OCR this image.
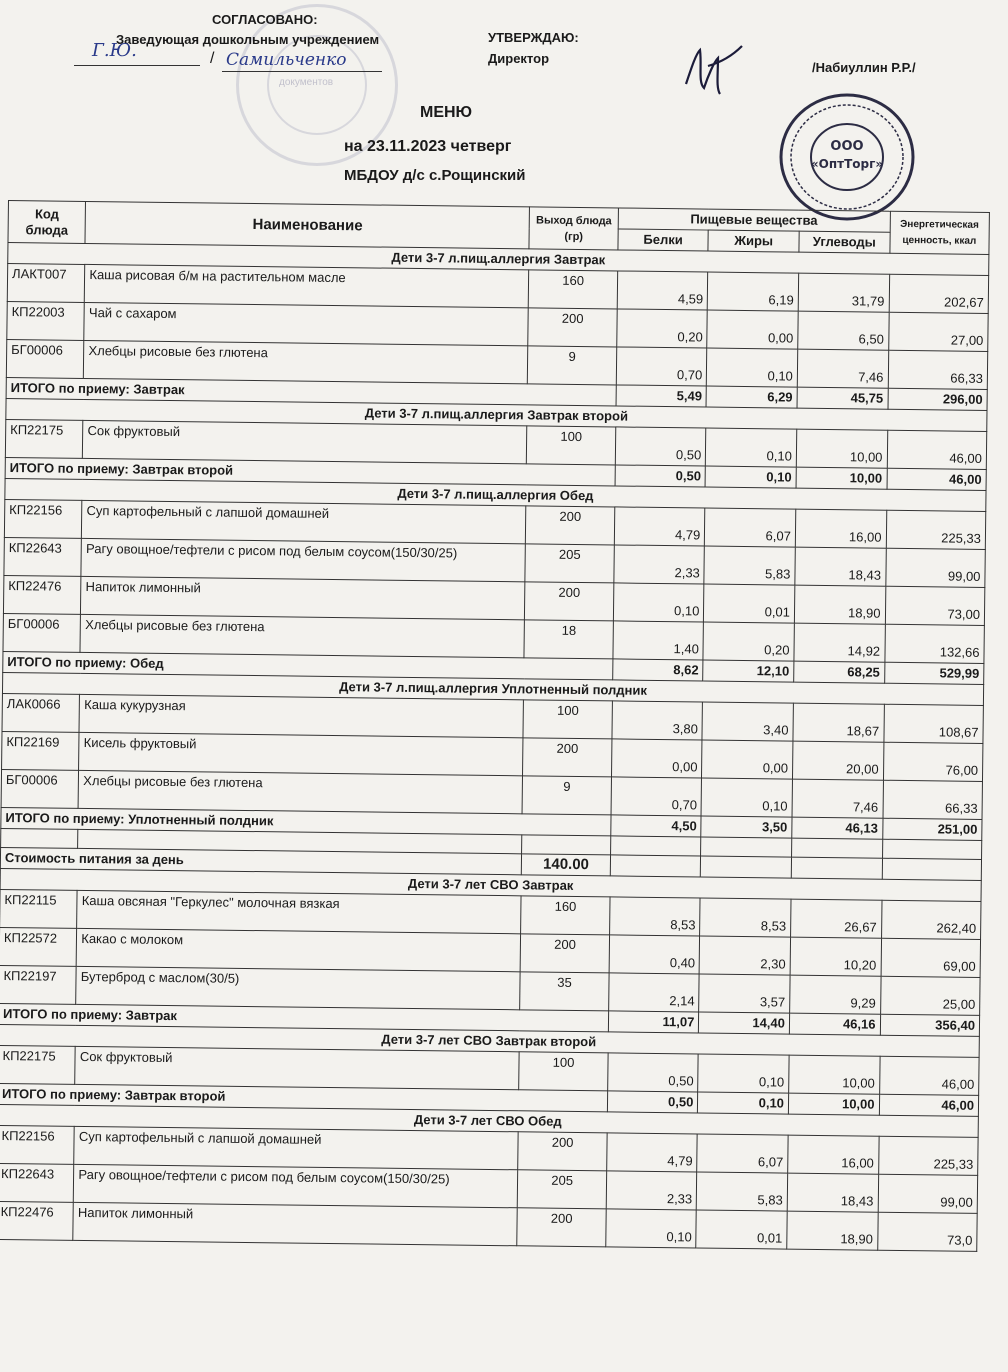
документов
СОГЛАСОВАНО:
Заведующая дошкольным учреждением
Г.Ю.	/ Самильченко
УТВЕРЖДАЮ:
Директор
/Набиуллин Р.Р./
МЕНЮ
на 23.11.2023 четверг
МБДОУ д/с с.Рощинский
ООО
«ОптТорг»
Код блюда	Наименование	Выход блюда (гр)	Пищевые вещества			Энергетическая ценность, ккал
			Белки	Жиры	Углеводы	
Дети 3-7 л.пищ.аллергия Завтрак						
ЛАКТ007	Каша рисовая б/м на растительном масле	160	4,59	6,19	31,79	202,67
КП22003	Чай с сахаром	200	0,20	0,00	6,50	27,00
БГ00006	Хлебцы рисовые без глютена	9	0,70	0,10	7,46	66,33
ИТОГО по приему: Завтрак			5,49	6,29	45,75	296,00
Дети 3-7 л.пищ.аллергия Завтрак второй						
КП22175	Сок фруктовый	100	0,50	0,10	10,00	46,00
ИТОГО по приему: Завтрак второй			0,50	0,10	10,00	46,00
Дети 3-7 л.пищ.аллергия Обед						
КП22156	Суп картофельный с лапшой домашней	200	4,79	6,07	16,00	225,33
КП22643	Рагу овощное/тефтели с рисом под белым соусом(150/30/25)	205	2,33	5,83	18,43	99,00
КП22476	Напиток лимонный	200	0,10	0,01	18,90	73,00
БГ00006	Хлебцы рисовые без глютена	18	1,40	0,20	14,92	132,66
ИТОГО по приему: Обед			8,62	12,10	68,25	529,99
Дети 3-7 л.пищ.аллергия Уплотненный полдник						
ЛАК0066	Каша кукурузная	100	3,80	3,40	18,67	108,67
КП22169	Кисель фруктовый	200	0,00	0,00	20,00	76,00
БГ00006	Хлебцы рисовые без глютена	9	0,70	0,10	7,46	66,33
ИТОГО по приему: Уплотненный полдник			4,50	3,50	46,13	251,00

Стоимость питания за день		140.00				
Дети 3-7 лет СВО Завтрак						
КП22115	Каша овсяная "Геркулес" молочная вязкая	160	8,53	8,53	26,67	262,40
КП22572	Какао с молоком	200	0,40	2,30	10,20	69,00
КП22197	Бутерброд с маслом(30/5)	35	2,14	3,57	9,29	25,00
ИТОГО по приему: Завтрак			11,07	14,40	46,16	356,40
Дети 3-7 лет СВО Завтрак второй						
КП22175	Сок фруктовый	100	0,50	0,10	10,00	46,00
ИТОГО по приему: Завтрак второй			0,50	0,10	10,00	46,00
Дети 3-7 лет СВО Обед						
КП22156	Суп картофельный с лапшой домашней	200	4,79	6,07	16,00	225,33
КП22643	Рагу овощное/тефтели с рисом под белым соусом(150/30/25)	205	2,33	5,83	18,43	99,00
КП22476	Напиток лимонный	200	0,10	0,01	18,90	73,0
